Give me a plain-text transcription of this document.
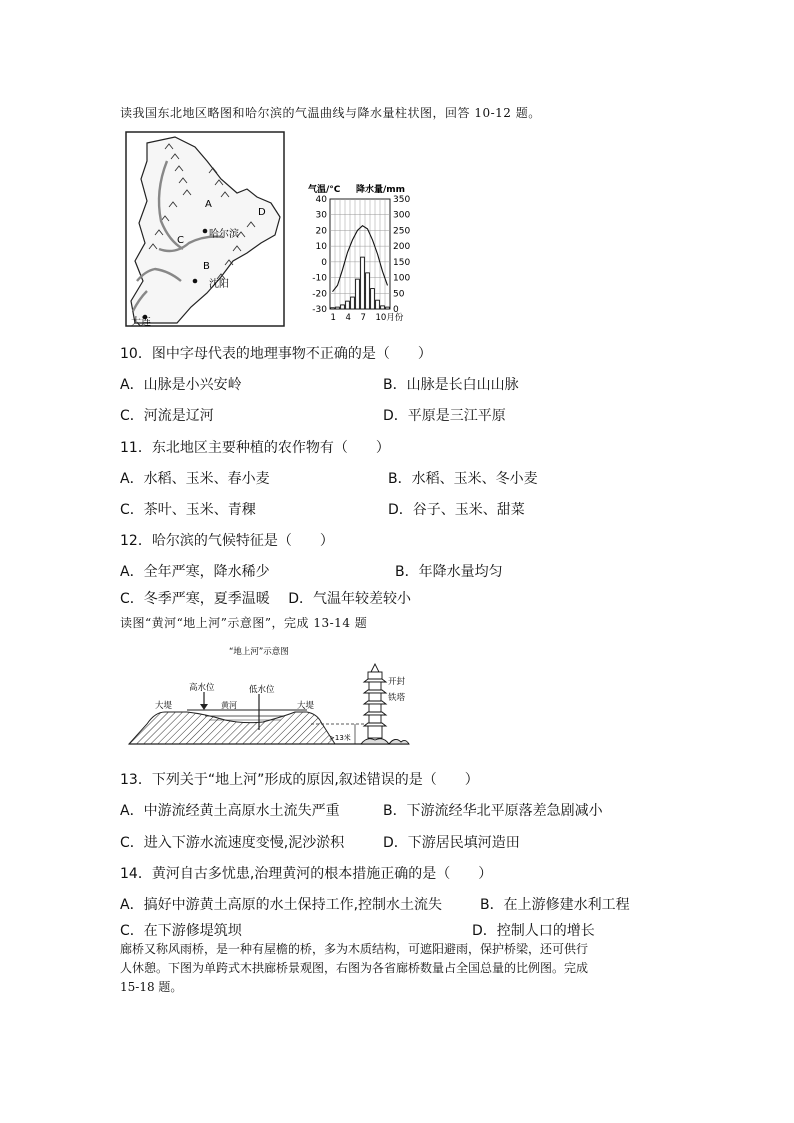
读我国东北地区略图和哈尔滨的气温曲线与降水量柱状图，回答 10-12 题。
A
B
C
D
哈尔滨
沈阳
大连
气温/°C 降水量/mm
40
30
20
10
0
-10
-20
-30
350
300
250
200
150
100
50
0
1 4 7 10月份
10．图中字母代表的地理事物不正确的是（　　）
A．山脉是小兴安岭	B．山脉是长白山山脉
C．河流是辽河	D．平原是三江平原
11．东北地区主要种植的农作物有（　　）
A．水稻、玉米、春小麦	B．水稻、玉米、冬小麦
C．茶叶、玉米、青稞	D．谷子、玉米、甜菜
12．哈尔滨的气候特征是（　　）
A．全年严寒，降水稀少	B．年降水量均匀
C．冬季严寒，夏季温暖　 D．气温年较差较小
读图“黄河“地上河”示意图”，完成 13-14 题
“地上河”示意图
高水位	低水位
黄河
大堤	大堤
>13米
开封
铁塔
13．下列关于“地上河”形成的原因,叙述错误的是（　　）
A．中游流经黄土高原水土流失严重	B．下游流经华北平原落差急剧减小
C．进入下游水流速度变慢,泥沙淤积	D．下游居民填河造田
14．黄河自古多忧患,治理黄河的根本措施正确的是（　　）
A．搞好中游黄土高原的水土保持工作,控制水土流失	B．在上游修建水利工程
C．在下游修堤筑坝	D．控制人口的增长
廊桥又称风雨桥，是一种有屋檐的桥，多为木质结构，可遮阳避雨，保护桥梁，还可供行
人休憩。下图为单跨式木拱廊桥景观图，右图为各省廊桥数量占全国总量的比例图。完成
15-18 题。
